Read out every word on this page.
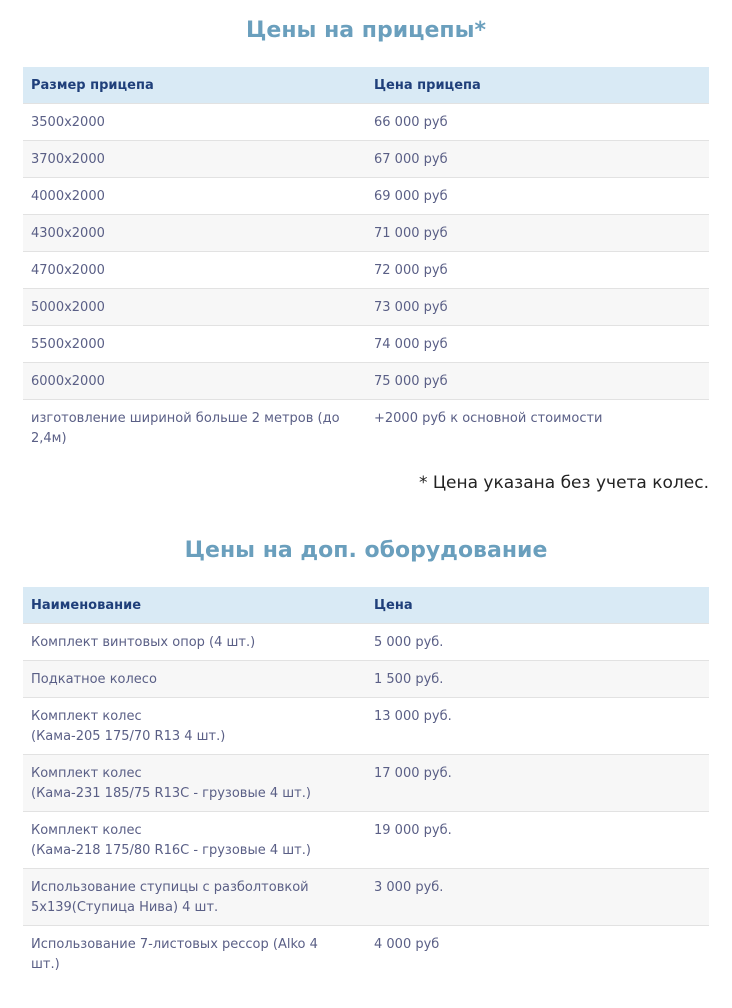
Цены на прицепы*
Размер прицепа	Цена прицепа
3500x2000	66 000 руб
3700x2000	67 000 руб
4000x2000	69 000 руб
4300x2000	71 000 руб
4700x2000	72 000 руб
5000x2000	73 000 руб
5500x2000	74 000 руб
6000x2000	75 000 руб
изготовление шириной больше 2 метров (до 2,4м)	+2000 руб к основной стоимости
* Цена указана без учета колес.
Цены на доп. оборудование
Наименование	Цена

Комплект винтовых опор (4 шт.)	5 000 руб.

Подкатное колесо	1 500 руб.

Комплект колес
(Кама-205 175/70 R13 4 шт.)	13 000 руб.

Комплект колес
(Кама-231 185/75 R13C - грузовые 4 шт.)	17 000 руб.

Комплект колес
(Кама-218 175/80 R16C - грузовые 4 шт.)	19 000 руб.

Использование ступицы с разболтовкой
5x139(Ступица Нива) 4 шт.	3 000 руб.

Использование 7-листовых рессор (Alko 4
шт.)	4 000 руб
